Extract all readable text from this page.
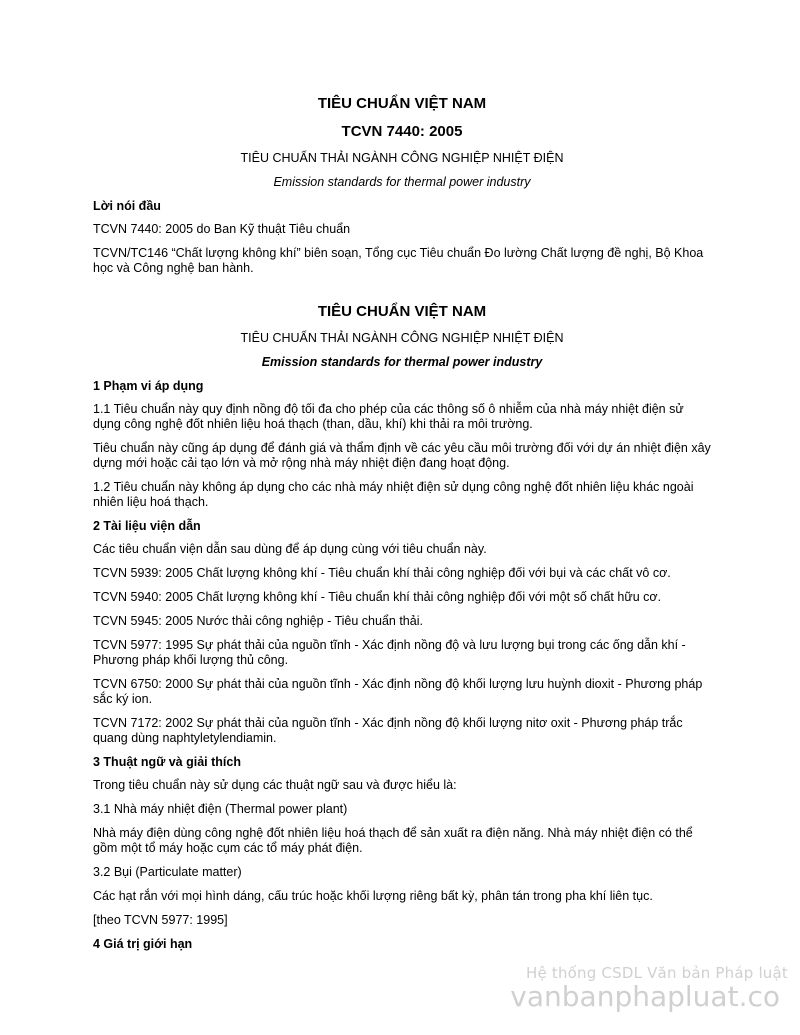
TIÊU CHUẨN VIỆT NAM

TCVN 7440: 2005

TIÊU CHUẨN THẢI NGÀNH CÔNG NGHIỆP NHIỆT ĐIỆN

Emission standards for thermal power industry

Lời nói đầu

TCVN 7440: 2005 do Ban Kỹ thuật Tiêu chuẩn

TCVN/TC146 “Chất lượng không khí” biên soạn, Tổng cục Tiêu chuẩn Đo lường Chất lượng đề nghị, Bộ Khoa học và Công nghệ ban hành.

TIÊU CHUẨN VIỆT NAM

TIÊU CHUẨN THẢI NGÀNH CÔNG NGHIỆP NHIỆT ĐIỆN

Emission standards for thermal power industry

1 Phạm vi áp dụng

1.1 Tiêu chuẩn này quy định nồng độ tối đa cho phép của các thông số ô nhiễm của nhà máy nhiệt điện sử dụng công nghệ đốt nhiên liệu hoá thạch (than, dầu, khí) khi thải ra môi trường.

Tiêu chuẩn này cũng áp dụng để đánh giá và thẩm định về các yêu cầu môi trường đối với dự án nhiệt điện xây dựng mới hoặc cải tạo lớn và mở rộng nhà máy nhiệt điện đang hoạt động.

1.2 Tiêu chuẩn này không áp dụng cho các nhà máy nhiệt điện sử dụng công nghệ đốt nhiên liệu khác ngoài nhiên liệu hoá thạch.

2 Tài liệu viện dẫn

Các tiêu chuẩn viện dẫn sau dùng để áp dụng cùng với tiêu chuẩn này.

TCVN 5939: 2005 Chất lượng không khí - Tiêu chuẩn khí thải công nghiệp đối với bụi và các chất vô cơ.

TCVN 5940: 2005 Chất lượng không khí - Tiêu chuẩn khí thải công nghiệp đối với một số chất hữu cơ.

TCVN 5945: 2005 Nước thải công nghiệp - Tiêu chuẩn thải.

TCVN 5977: 1995 Sự phát thải của nguồn tĩnh - Xác định nồng độ và lưu lượng bụi trong các ống dẫn khí - Phương pháp khối lượng thủ công.

TCVN 6750: 2000 Sự phát thải của nguồn tĩnh - Xác định nồng độ khối lượng lưu huỳnh dioxit - Phương pháp sắc ký ion.

TCVN 7172: 2002 Sự phát thải của nguồn tĩnh - Xác định nồng độ khối lượng nitơ oxit - Phương pháp trắc quang dùng naphtyletylendiamin.

3 Thuật ngữ và giải thích

Trong tiêu chuẩn này sử dụng các thuật ngữ sau và được hiểu là:

3.1 Nhà máy nhiệt điện (Thermal power plant)

Nhà máy điện dùng công nghệ đốt nhiên liệu hoá thạch để sản xuất ra điện năng. Nhà máy nhiệt điện có thể gồm một tổ máy hoặc cụm các tổ máy phát điện.

3.2 Bụi (Particulate matter)

Các hạt rắn với mọi hình dáng, cấu trúc hoặc khối lượng riêng bất kỳ, phân tán trong pha khí liên tục.

[theo TCVN 5977: 1995]

4 Giá trị giới hạn

Hệ thống CSDL Văn bản Pháp luật
vanbanphapluat.co
